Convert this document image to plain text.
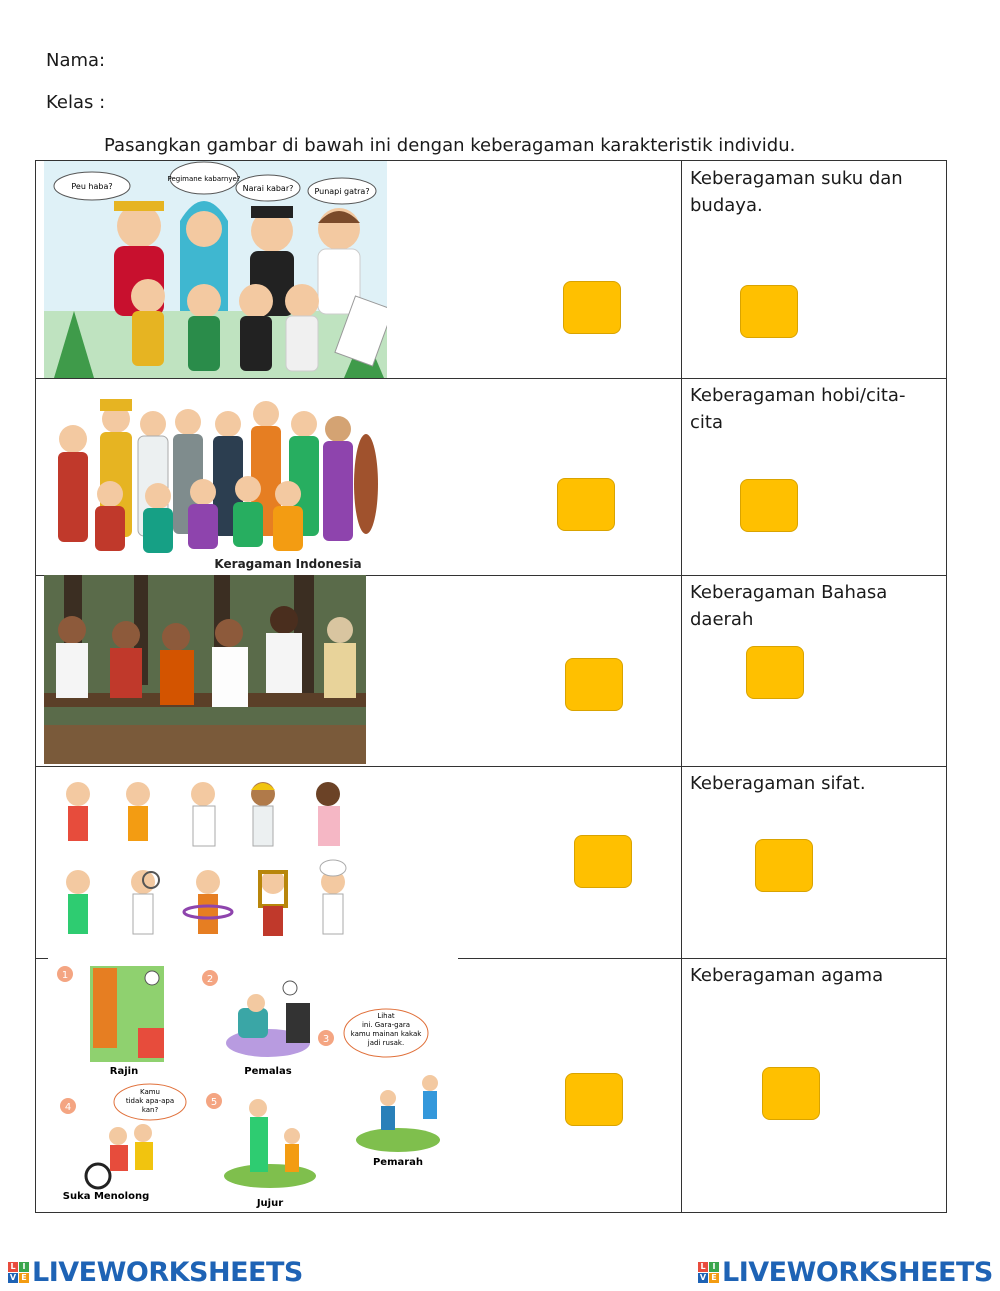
Nama:
Kelas :
Pasangkan gambar di bawah ini dengan keberagaman karakteristik individu.
Peu haba?
Pegimane kabarnye?
Narai kabar?	Punapi gatra?
Keberagaman suku dan budaya.
Keragaman Indonesia
Keberagaman hobi/cita-cita
Keberagaman Bahasa daerah
Keberagaman sifat.
1
Rajin
2
Pemalas
3
Lihat
ini. Gara-gara
kamu mainan kakak
jadi rusak.
Pemarah
4
Kamu
tidak apa-apa
kan?
Suka Menolong
5
Jujur
Keberagaman agama
L I
V E LIVEWORKSHEETS	L I
V E LIVEWORKSHEETS
